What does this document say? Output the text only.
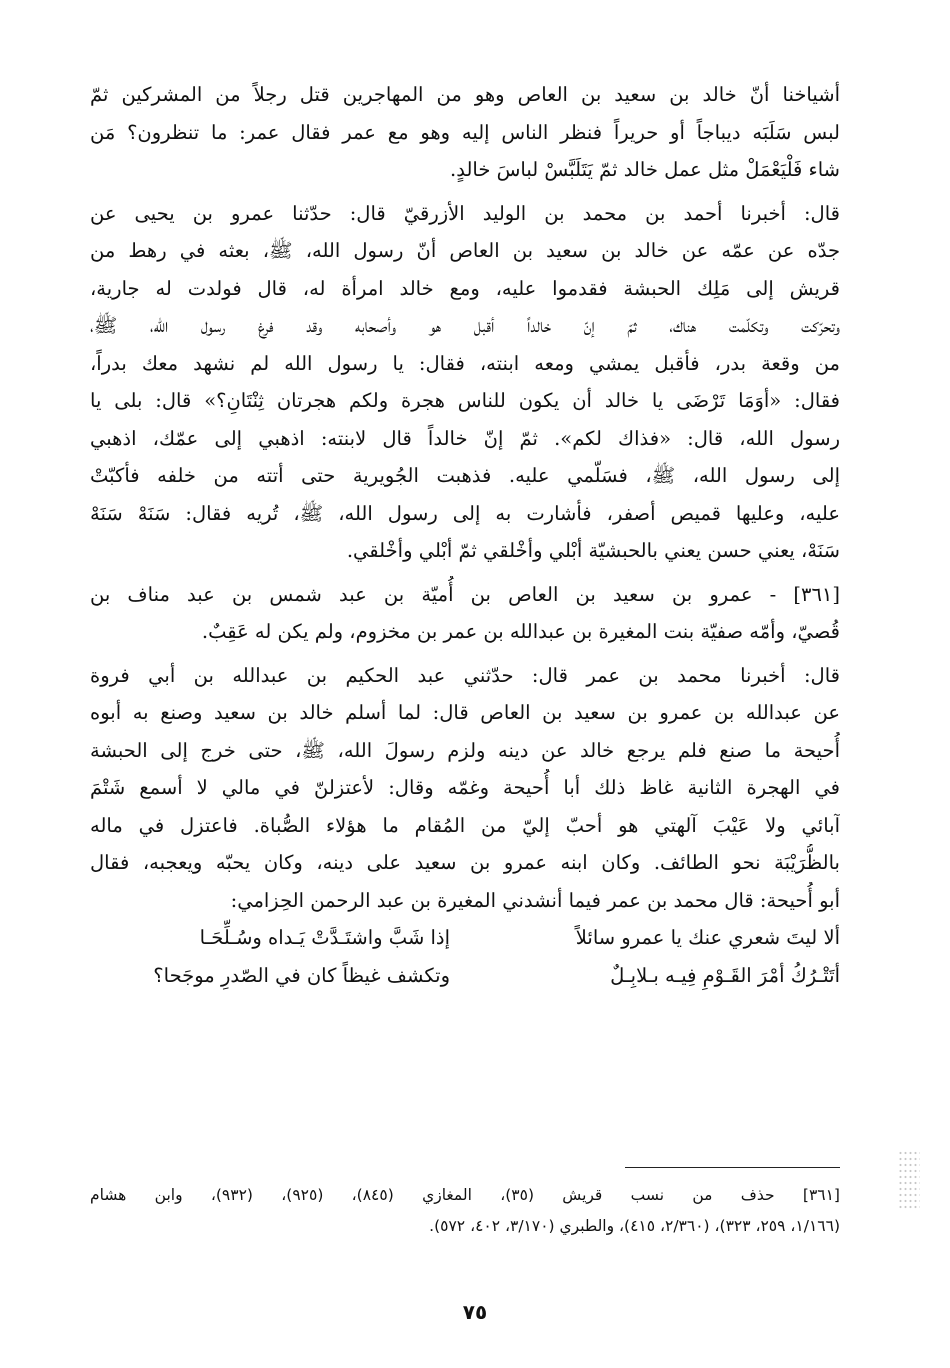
أشياخنا أنّ خالد بن سعيد بن العاص وهو من المهاجرين قتل رجلاً من المشركين ثمّ
لبس سَلَبَه ديباجاً أو حريراً فنظر الناس إليه وهو مع عمر فقال عمر: ما تنظرون؟ مَن
شاء فَلْيَعْمَلْ مثل عمل خالد ثمّ يَتَلَبَّسْ لباسَ خالدٍ.
قال: أخبرنا أحمد بن محمد بن الوليد الأزرقيّ قال: حدّثنا عمرو بن يحيى عن
جدّه عن عمّه عن خالد بن سعيد بن العاص أنّ رسول الله، ﷺ، بعثه في رهط من
قريش إلى مَلِك الحبشة فقدموا عليه، ومع خالد امرأة له، قال فولدت له جارية،
وتحرّكت وتكلّمت هناك، ثمّ إنّ خالداً أقبل هو وأصحابه وقد فرغ رسول الله، ﷺ،
من وقعة بدر، فأقبل يمشي ومعه ابنته، فقال: يا رسول الله لم نشهد معك بدراً،
فقال: «أوَمَا تَرْضَى يا خالد أن يكون للناس هجرة ولكم هجرتان ثِنْتَانِ؟» قال: بلى يا
رسول الله، قال: «فذاك لكم». ثمّ إنّ خالداً قال لابنته: اذهبي إلى عمّك، اذهبي
إلى رسول الله، ﷺ، فسَلّمي عليه. فذهبت الجُويرية حتى أتته من خلفه فأكبّتْ
عليه، وعليها قميص أصفر، فأشارت به إلى رسول الله، ﷺ، تُريه فقال: سَنَهْ سَنَهْ
سَنَهْ، يعني حسن يعني بالحبشيّة أبْلي وأخْلقي ثمّ أبْلي وأخْلقي.
[٣٦١] - عمرو بن سعيد بن العاص بن أُميّة بن عبد شمس بن عبد مناف بن
قُصيّ، وأمّه صفيّة بنت المغيرة بن عبدالله بن عمر بن مخزوم، ولم يكن له عَقِبٌ.
قال: أخبرنا محمد بن عمر قال: حدّثني عبد الحكيم بن عبدالله بن أبي فروة
عن عبدالله بن عمرو بن سعيد بن العاص قال: لما أسلم خالد بن سعيد وصنع به أبوه
أُحيحة ما صنع فلم يرجع خالد عن دينه ولزم رسولَ الله، ﷺ، حتى خرج إلى الحبشة
في الهجرة الثانية غاظ ذلك أبا أُحيحة وغمّه وقال: لأعتزلنّ في مالي لا أسمع شَتْمَ
آبائي ولا عَيْبَ آلهتي هو أحبّ إليّ من المُقام ما هؤلاء الصُّباة. فاعتزل في ماله
بالظُّرَيْبَة نحو الطائف. وكان ابنه عمرو بن سعيد على دينه، وكان يحبّه ويعجبه، فقال
أبو أُحيحة: قال محمد بن عمر فيما أنشدني المغيرة بن عبد الرحمن الحِزامي:
ألا ليتَ شعري عنك يا عمرو سائلاً
إذا شَبَّ واشتَـدَّتْ يَـداه وسُـلِّحَـا
أتَتْـرُكُ أمْرَ القَـوْمِ فِيـه بـلابِـلٌ
وتكشف غيظاً كان في الصّدرِ موجَحا؟
[٣٦١] حذف من نسب قريش (٣٥)، المغازي (٨٤٥)، (٩٢٥)، (٩٣٢)، وابن هشام
(١/١٦٦، ٢٥٩، ٣٢٣)، (٢/٣٦٠، ٤١٥)، والطبري (٣/١٧٠، ٤٠٢، ٥٧٢).
٧٥
